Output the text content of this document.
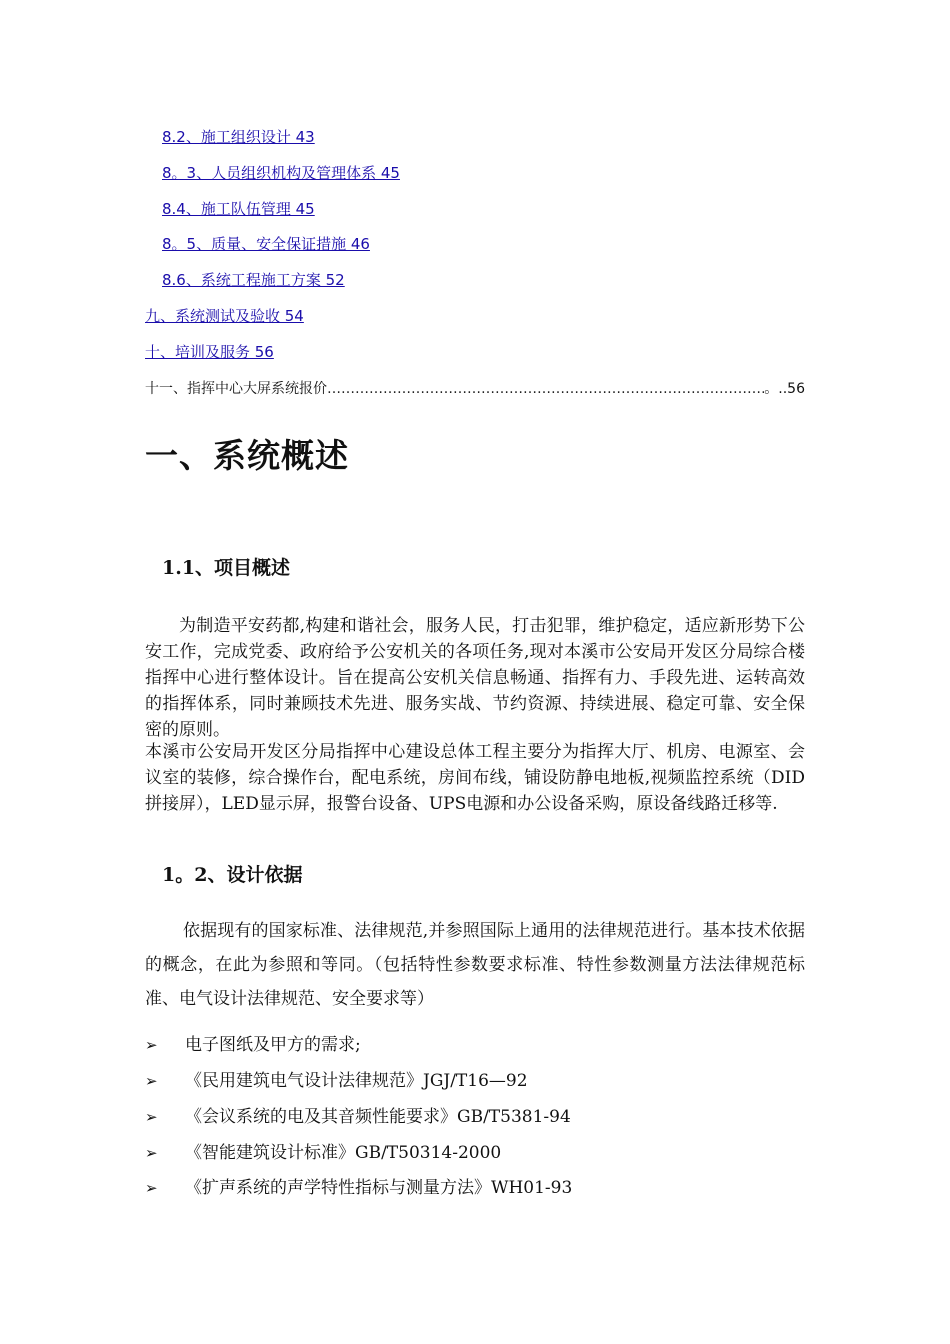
8.2、施工组织设计 43
8。3、人员组织机构及管理体系 45
8.4、施工队伍管理 45
8。5、质量、安全保证措施 46
8.6、系统工程施工方案 52
九、系统测试及验收 54
十、培训及服务 56
十一、指挥中心大屏系统报价
…………………………………………………………………………………………………………………………………………	。..56
一、系统概述
1.1、项目概述

为制造平安药都,构建和谐社会，服务人民，打击犯罪，维护稳定，适应新形势下公安工作，完成党委、政府给予公安机关的各项任务,现对本溪市公安局开发区分局综合楼指挥中心进行整体设计。旨在提高公安机关信息畅通、指挥有力、手段先进、运转高效的指挥体系，同时兼顾技术先进、服务实战、节约资源、持续进展、稳定可靠、安全保密的原则。

本溪市公安局开发区分局指挥中心建设总体工程主要分为指挥大厅、机房、电源室、会议室的装修，综合操作台，配电系统，房间布线，铺设防静电地板,视频监控系统（DID拼接屏），LED显示屏，报警台设备、UPS电源和办公设备采购，原设备线路迁移等.

1。2、设计依据

依据现有的国家标准、法律规范,并参照国际上通用的法律规范进行。基本技术依据的概念，在此为参照和等同。（包括特性参数要求标准、特性参数测量方法法律规范标准、电气设计法律规范、安全要求等）

➢ 电子图纸及甲方的需求;
➢ 《民用建筑电气设计法律规范》JGJ/T16—92
➢ 《会议系统的电及其音频性能要求》GB/T5381-94
➢ 《智能建筑设计标准》GB/T50314-2000
➢ 《扩声系统的声学特性指标与测量方法》WH01-93
